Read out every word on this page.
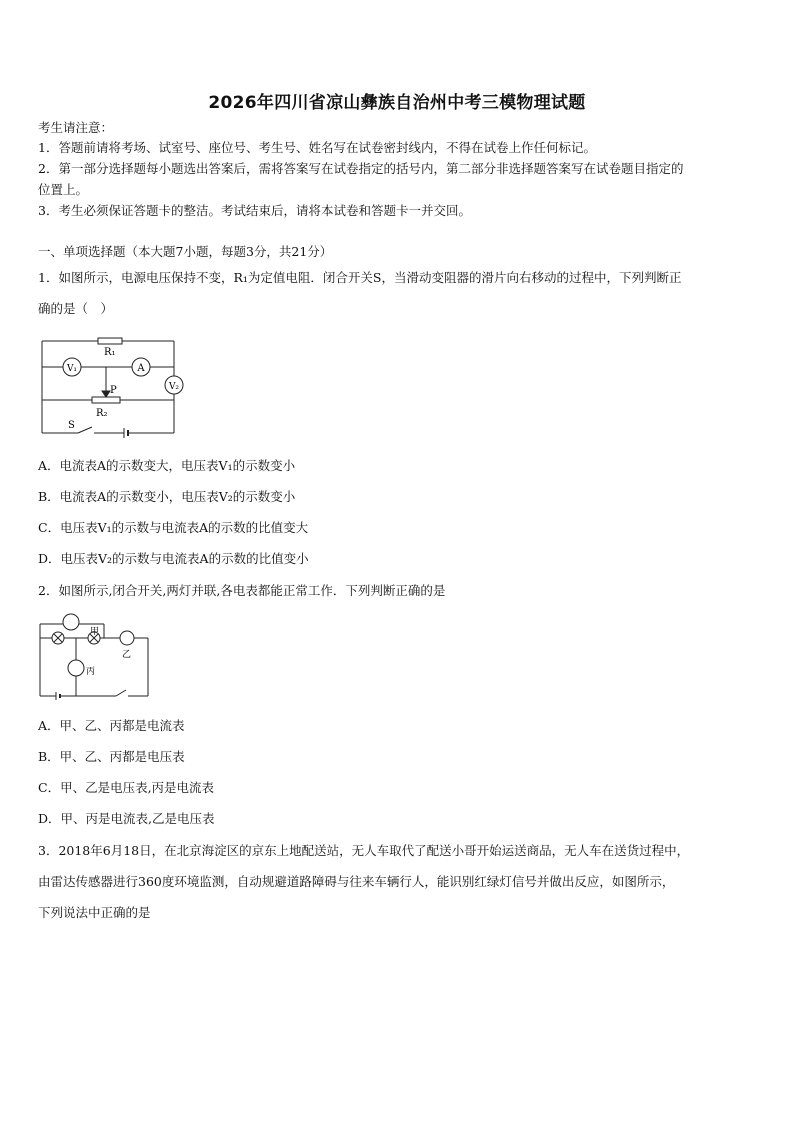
2026年四川省凉山彝族自治州中考三模物理试题
考生请注意：
1．答题前请将考场、试室号、座位号、考生号、姓名写在试卷密封线内，不得在试卷上作任何标记。
2．第一部分选择题每小题选出答案后，需将答案写在试卷指定的括号内，第二部分非选择题答案写在试卷题目指定的
位置上。
3．考生必须保证答题卡的整洁。考试结束后，请将本试卷和答题卡一并交回。
一、单项选择题（本大题7小题，每题3分，共21分）
1．如图所示，电源电压保持不变，R₁为定值电阻．闭合开关S，当滑动变阻器的滑片向右移动的过程中，下列判断正
确的是（　）
V₁	A
V₂
R₁
R₂
P
S
A．电流表A的示数变大，电压表V₁的示数变小
B．电流表A的示数变小，电压表V₂的示数变小
C．电压表V₁的示数与电流表A的示数的比值变大
D．电压表V₂的示数与电流表A的示数的比值变小
2．如图所示,闭合开关,两灯并联,各电表都能正常工作．下列判断正确的是
甲
乙
丙
A．甲、乙、丙都是电流表
B．甲、乙、丙都是电压表
C．甲、乙是电压表,丙是电流表
D．甲、丙是电流表,乙是电压表
3．2018年6月18日，在北京海淀区的京东上地配送站，无人车取代了配送小哥开始运送商品，无人车在送货过程中，
由雷达传感器进行360度环境监测，自动规避道路障碍与往来车辆行人，能识别红绿灯信号并做出反应，如图所示，
下列说法中正确的是
